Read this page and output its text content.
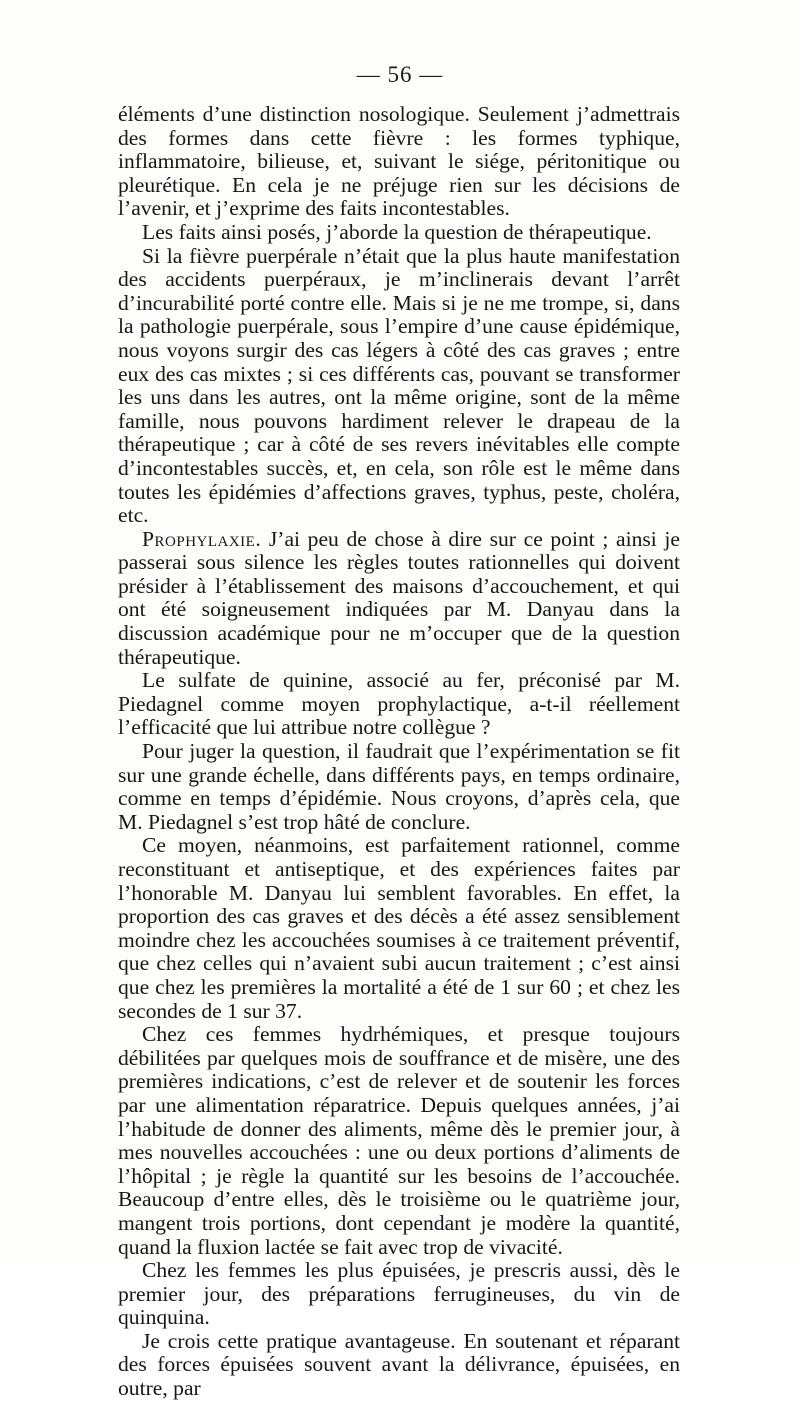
— 56 —

éléments d’une distinction nosologique. Seulement j’admettrais des formes dans cette fièvre : les formes typhique, inflammatoire, bilieuse, et, suivant le siége, péritonitique ou pleurétique. En cela je ne préjuge rien sur les décisions de l’avenir, et j’exprime des faits incontestables.

Les faits ainsi posés, j’aborde la question de thérapeutique.

Si la fièvre puerpérale n’était que la plus haute manifestation des accidents puerpéraux, je m’inclinerais devant l’arrêt d’incurabilité porté contre elle. Mais si je ne me trompe, si, dans la pathologie puerpérale, sous l’empire d’une cause épidémique, nous voyons surgir des cas légers à côté des cas graves ; entre eux des cas mixtes ; si ces différents cas, pouvant se transformer les uns dans les autres, ont la même origine, sont de la même famille, nous pouvons hardiment relever le drapeau de la thérapeutique ; car à côté de ses revers inévitables elle compte d’incontestables succès, et, en cela, son rôle est le même dans toutes les épidémies d’affections graves, typhus, peste, choléra, etc.

Prophylaxie. J’ai peu de chose à dire sur ce point ; ainsi je passerai sous silence les règles toutes rationnelles qui doivent présider à l’établissement des maisons d’accouchement, et qui ont été soigneusement indiquées par M. Danyau dans la discussion académique pour ne m’occuper que de la question thérapeutique.

Le sulfate de quinine, associé au fer, préconisé par M. Piedagnel comme moyen prophylactique, a-t-il réellement l’efficacité que lui attribue notre collègue ?

Pour juger la question, il faudrait que l’expérimentation se fit sur une grande échelle, dans différents pays, en temps ordinaire, comme en temps d’épidémie. Nous croyons, d’après cela, que M. Piedagnel s’est trop hâté de conclure.

Ce moyen, néanmoins, est parfaitement rationnel, comme reconstituant et antiseptique, et des expériences faites par l’honorable M. Danyau lui semblent favorables. En effet, la proportion des cas graves et des décès a été assez sensiblement moindre chez les accouchées soumises à ce traitement préventif, que chez celles qui n’avaient subi aucun traitement ; c’est ainsi que chez les premières la mortalité a été de 1 sur 60 ; et chez les secondes de 1 sur 37.

Chez ces femmes hydrhémiques, et presque toujours débilitées par quelques mois de souffrance et de misère, une des premières indications, c’est de relever et de soutenir les forces par une alimentation réparatrice. Depuis quelques années, j’ai l’habitude de donner des aliments, même dès le premier jour, à mes nouvelles accouchées : une ou deux portions d’aliments de l’hôpital ; je règle la quantité sur les besoins de l’accouchée. Beaucoup d’entre elles, dès le troisième ou le quatrième jour, mangent trois portions, dont cependant je modère la quantité, quand la fluxion lactée se fait avec trop de vivacité.

Chez les femmes les plus épuisées, je prescris aussi, dès le premier jour, des préparations ferrugineuses, du vin de quinquina.

Je crois cette pratique avantageuse. En soutenant et réparant des forces épuisées souvent avant la délivrance, épuisées, en outre, par
